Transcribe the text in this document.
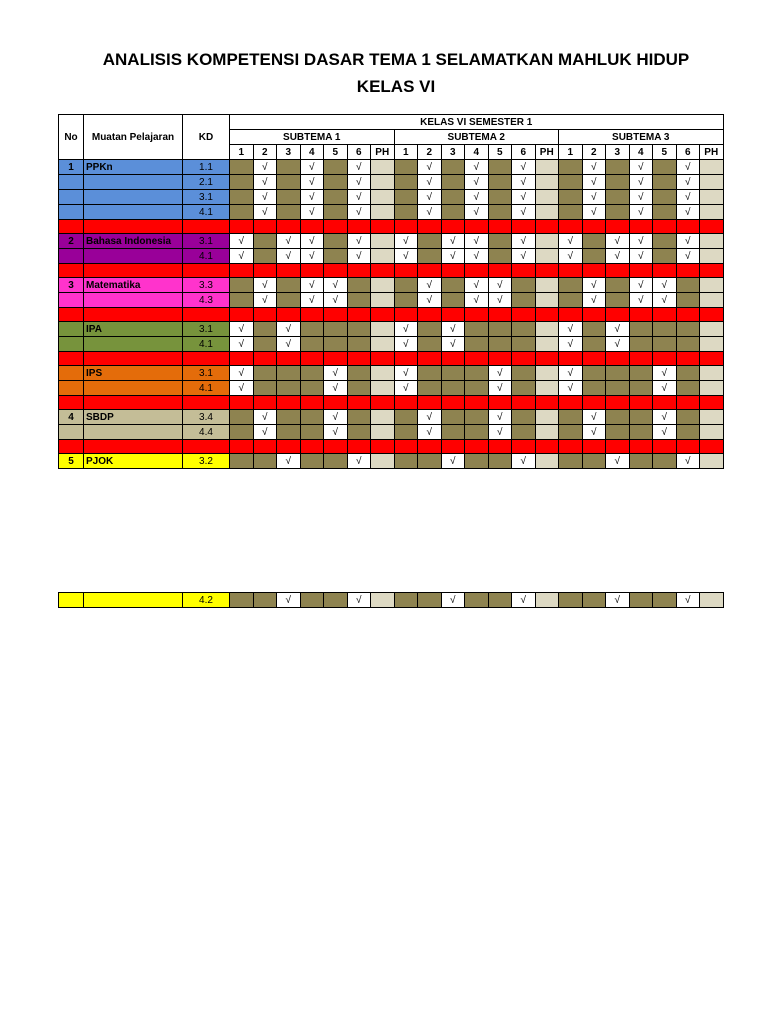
ANALISIS KOMPETENSI DASAR TEMA 1 SELAMATKAN MAHLUK HIDUP
KELAS VI
No	Muatan Pelajaran	KD	KELAS VI SEMESTER 1																				
			SUBTEMA 1							SUBTEMA 2							SUBTEMA 3						
			1	2	3	4	5	6	PH	1	2	3	4	5	6	PH	1	2	3	4	5	6	PH
1	PPKn	1.1		√		√		√			√		√		√			√		√		√	
		2.1		√		√		√			√		√		√			√		√		√	
		3.1		√		√		√			√		√		√			√		√		√	
		4.1		√		√		√			√		√		√			√		√		√	

2	Bahasa Indonesia	3.1	√		√	√		√		√		√	√		√		√		√	√		√	
		4.1	√		√	√		√		√		√	√		√		√		√	√		√	

3	Matematika	3.3		√		√	√				√		√	√				√		√	√		
		4.3		√		√	√				√		√	√				√		√	√		

	IPA	3.1	√		√					√		√					√		√				
		4.1	√		√					√		√					√		√				

	IPS	3.1	√				√			√				√			√				√		
		4.1	√				√			√				√			√				√		

4	SBDP	3.4		√			√				√			√				√			√		
		4.4		√			√				√			√				√			√		

5	PJOK	3.2			√			√				√			√				√			√	
		4.2			√			√				√			√				√			√	
